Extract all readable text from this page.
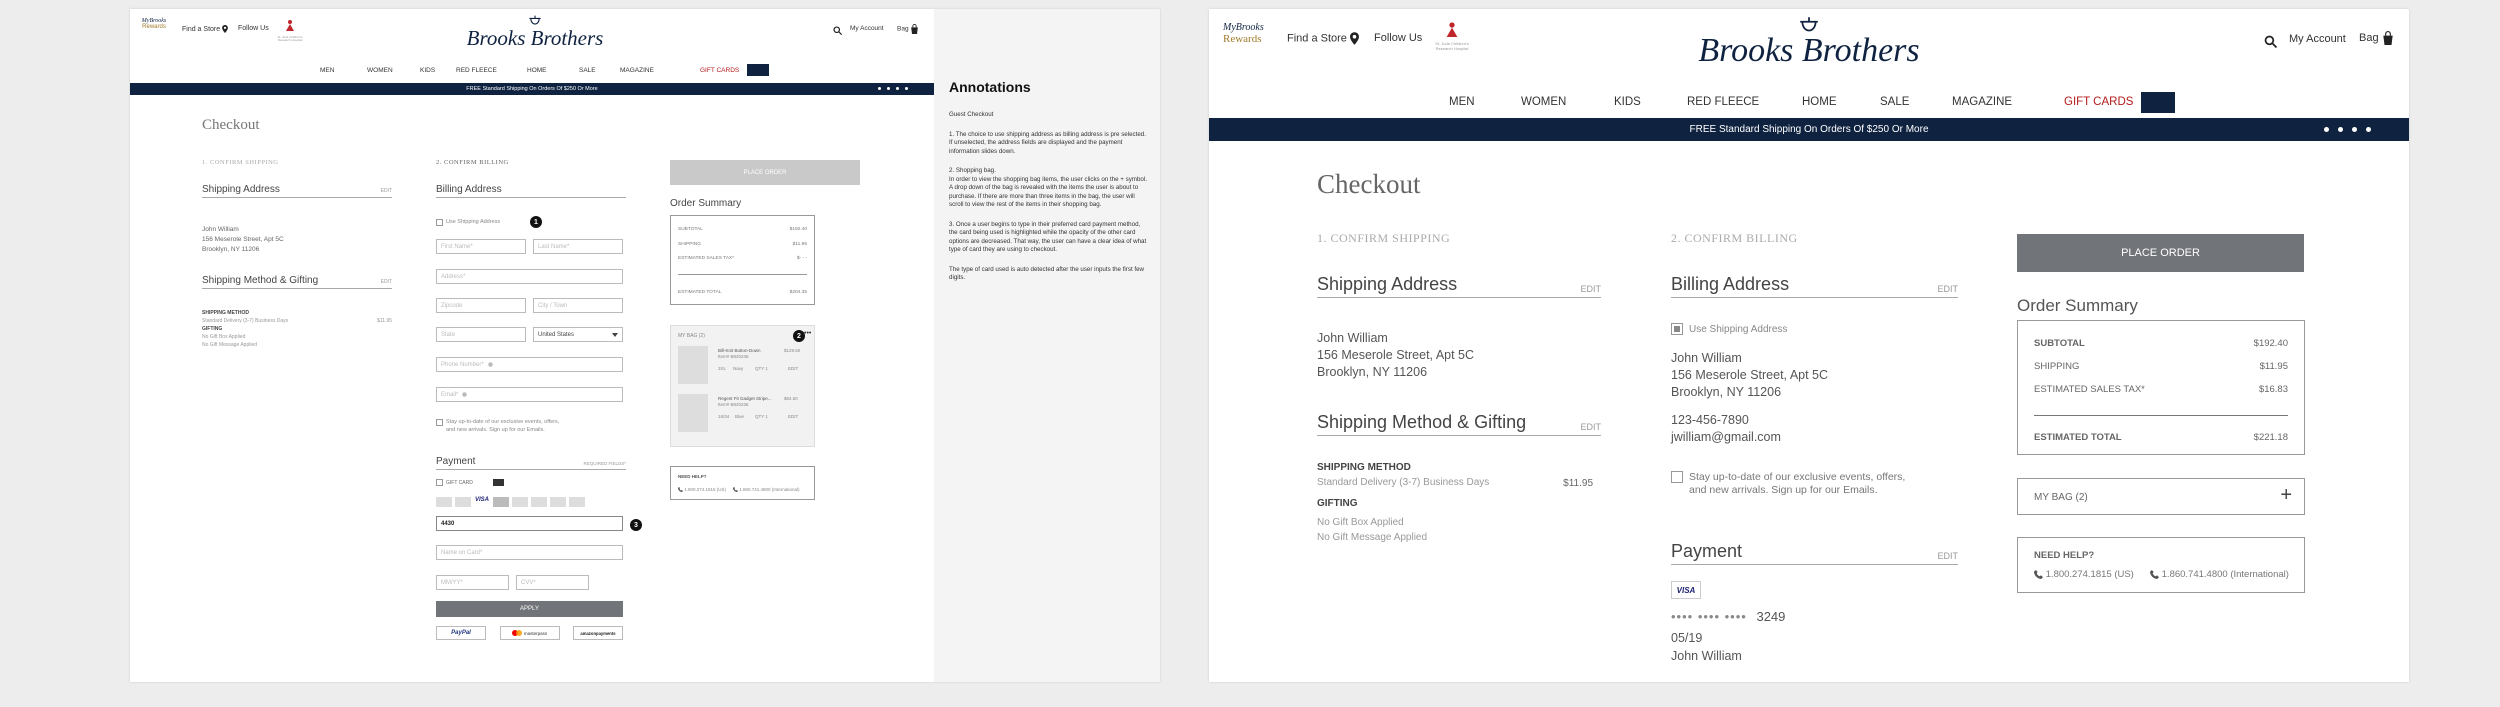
MyBrooks
Rewards	Find a Store	Follow Us
St. Jude Children's Research Hospital	Brooks Brothers	My Account Bag
MEN	WOMEN	KIDS	RED FLEECE	HOME	SALE	MAGAZINE	GIFT CARDS
FREE Standard Shipping On Orders Of $250 Or More
Checkout
1. CONFIRM SHIPPING	2. CONFIRM BILLING
Shipping Address	EDIT
John William
156 Meserole Street, Apt 5C
Brooklyn, NY 11206
Shipping Method & Gifting	EDIT
SHIPPING METHOD
Standard Delivery (3-7) Business Days	$11.95
GIFTING
No Gift Box Applied
No Gift Message Applied
Billing Address
Use Shipping Address	1
First Name*	Last Name*
Address*
Zipcode	City / Town
State	United States
Phone Number*
Email*
Stay up-to-date of our exclusive events, offers,
and new arrivals. Sign up for our Emails.
Payment	REQUIRED FIELDS*
GIFT CARD
VISA
4430	3
Name on Card*
MM/YY*	CVV*
APPLY
PayPal	masterpass	amazonpayments
PLACE ORDER
Order Summary
SUBTOTAL	$192.40
SHIPPING	$11.95
ESTIMATED SALES TAX*	$- - -
ESTIMATED TOTAL	$204.35
MY BAG (2)	2 •••
Bill-Knit Button-Down
Item# B820236
3XL Navy	QTY 1
$129.50
EDIT
Regent Fit Gadget Stripe...
Item# B820236
16/34 Blue QTY 1
$64.50
EDIT
NEED HELP?
1.800.274.1815 (US)	1.860.741.4800 (International)
Annotations

Guest Checkout

1. The choice to use shipping address as billing address is pre selected. If unselected, the address fields are displayed and the payment information slides down.

2. Shopping bag.

In order to view the shopping bag items, the user clicks on the + symbol. A drop down of the bag is revealed with the items the user is about to purchase. If there are more than three items in the bag, the user will scroll to view the rest of the items in their shopping bag.

3. Once a user begins to type in their preferred card payment method, the card being used is highlighted while the opacity of the other card options are decreased. That way, the user can have a clear idea of what type of card they are using to checkout.

The type of card used is auto detected after the user inputs the first few digits.

MyBrooks
Rewards	Find a Store	Follow Us	St. Jude Children's Research Hospital	Brooks Brothers	My Account Bag
MEN	WOMEN	KIDS	RED FLEECE	HOME	SALE	MAGAZINE	GIFT CARDS
FREE Standard Shipping On Orders Of $250 Or More
Checkout
1. CONFIRM SHIPPING	2. CONFIRM BILLING
Shipping Address	EDIT
John William
156 Meserole Street, Apt 5C
Brooklyn, NY 11206
Shipping Method & Gifting	EDIT
SHIPPING METHOD
Standard Delivery (3-7) Business Days	$11.95
GIFTING
No Gift Box Applied
No Gift Message Applied
Billing Address	EDIT
Use Shipping Address
John William
156 Meserole Street, Apt 5C
Brooklyn, NY 11206
123-456-7890
jwilliam@gmail.com
Stay up-to-date of our exclusive events, offers,
and new arrivals. Sign up for our Emails.
Payment	EDIT
VISA
•••• •••• •••• 3249
05/19
John William
PLACE ORDER
Order Summary
SUBTOTAL	$192.40
SHIPPING	$11.95
ESTIMATED SALES TAX*	$16.83
ESTIMATED TOTAL	$221.18
MY BAG (2)	+
NEED HELP?
1.800.274.1815 (US)	1.860.741.4800 (International)
